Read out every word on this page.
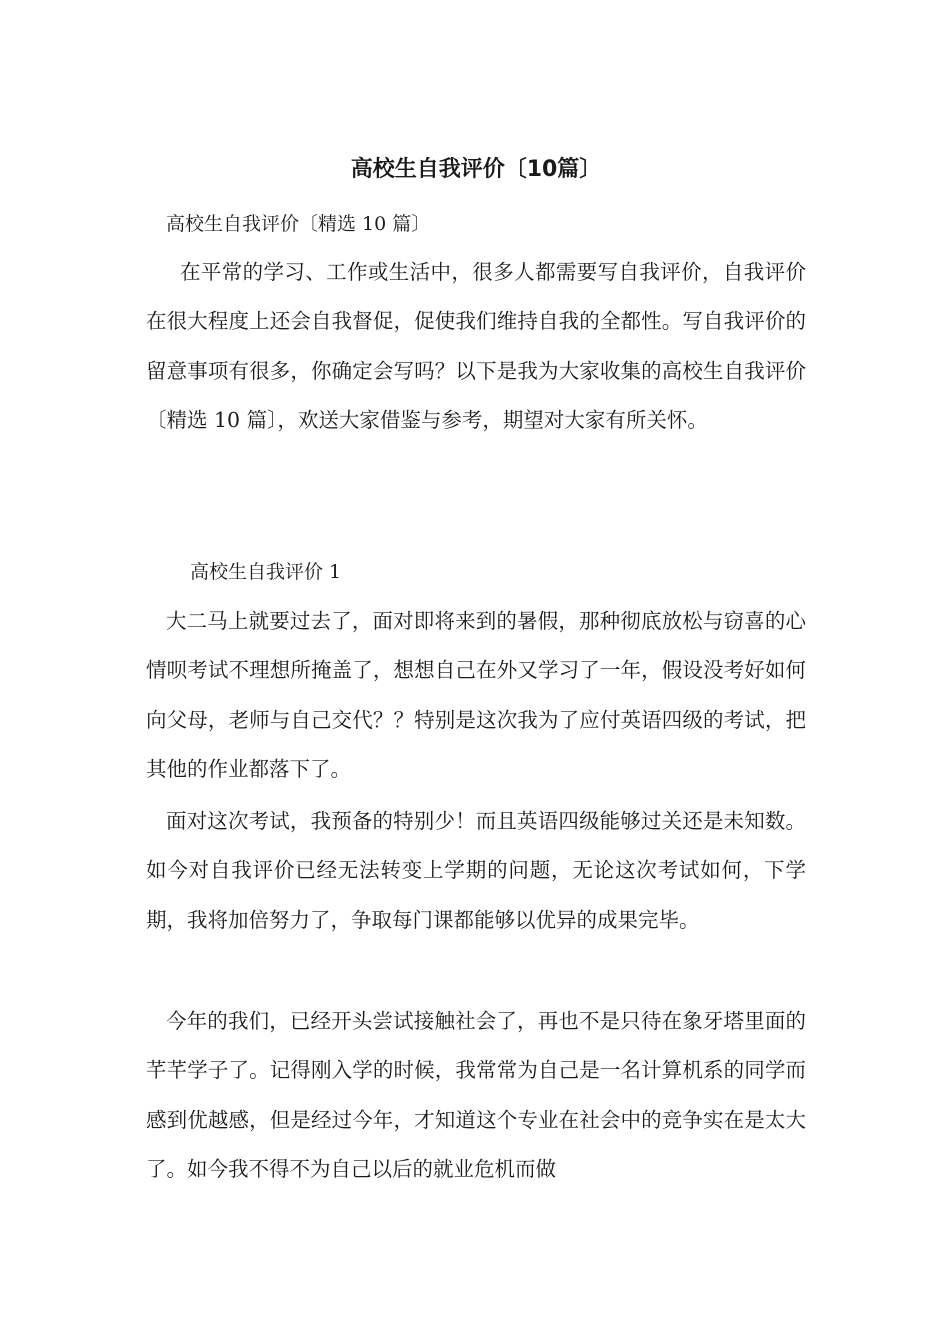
高校生自我评价〔10篇〕

高校生自我评价〔精选 10 篇〕

在平常的学习、工作或生活中，很多人都需要写自我评价，自我评价在很大程度上还会自我督促，促使我们维持自我的全都性。写自我评价的留意事项有很多，你确定会写吗？以下是我为大家收集的高校生自我评价〔精选 10 篇〕，欢送大家借鉴与参考，期望对大家有所关怀。

高校生自我评价 1

大二马上就要过去了，面对即将来到的暑假，那种彻底放松与窃喜的心情呗考试不理想所掩盖了，想想自己在外又学习了一年，假设没考好如何向父母，老师与自己交代？？特别是这次我为了应付英语四级的考试，把其他的作业都落下了。

面对这次考试，我预备的特别少！而且英语四级能够过关还是未知数。如今对自我评价已经无法转变上学期的问题，无论这次考试如何，下学期，我将加倍努力了，争取每门课都能够以优异的成果完毕。

今年的我们，已经开头尝试接触社会了，再也不是只待在象牙塔里面的芊芊学子了。记得刚入学的时候，我常常为自己是一名计算机系的同学而感到优越感，但是经过今年，才知道这个专业在社会中的竞争实在是太大了。如今我不得不为自己以后的就业危机而做
